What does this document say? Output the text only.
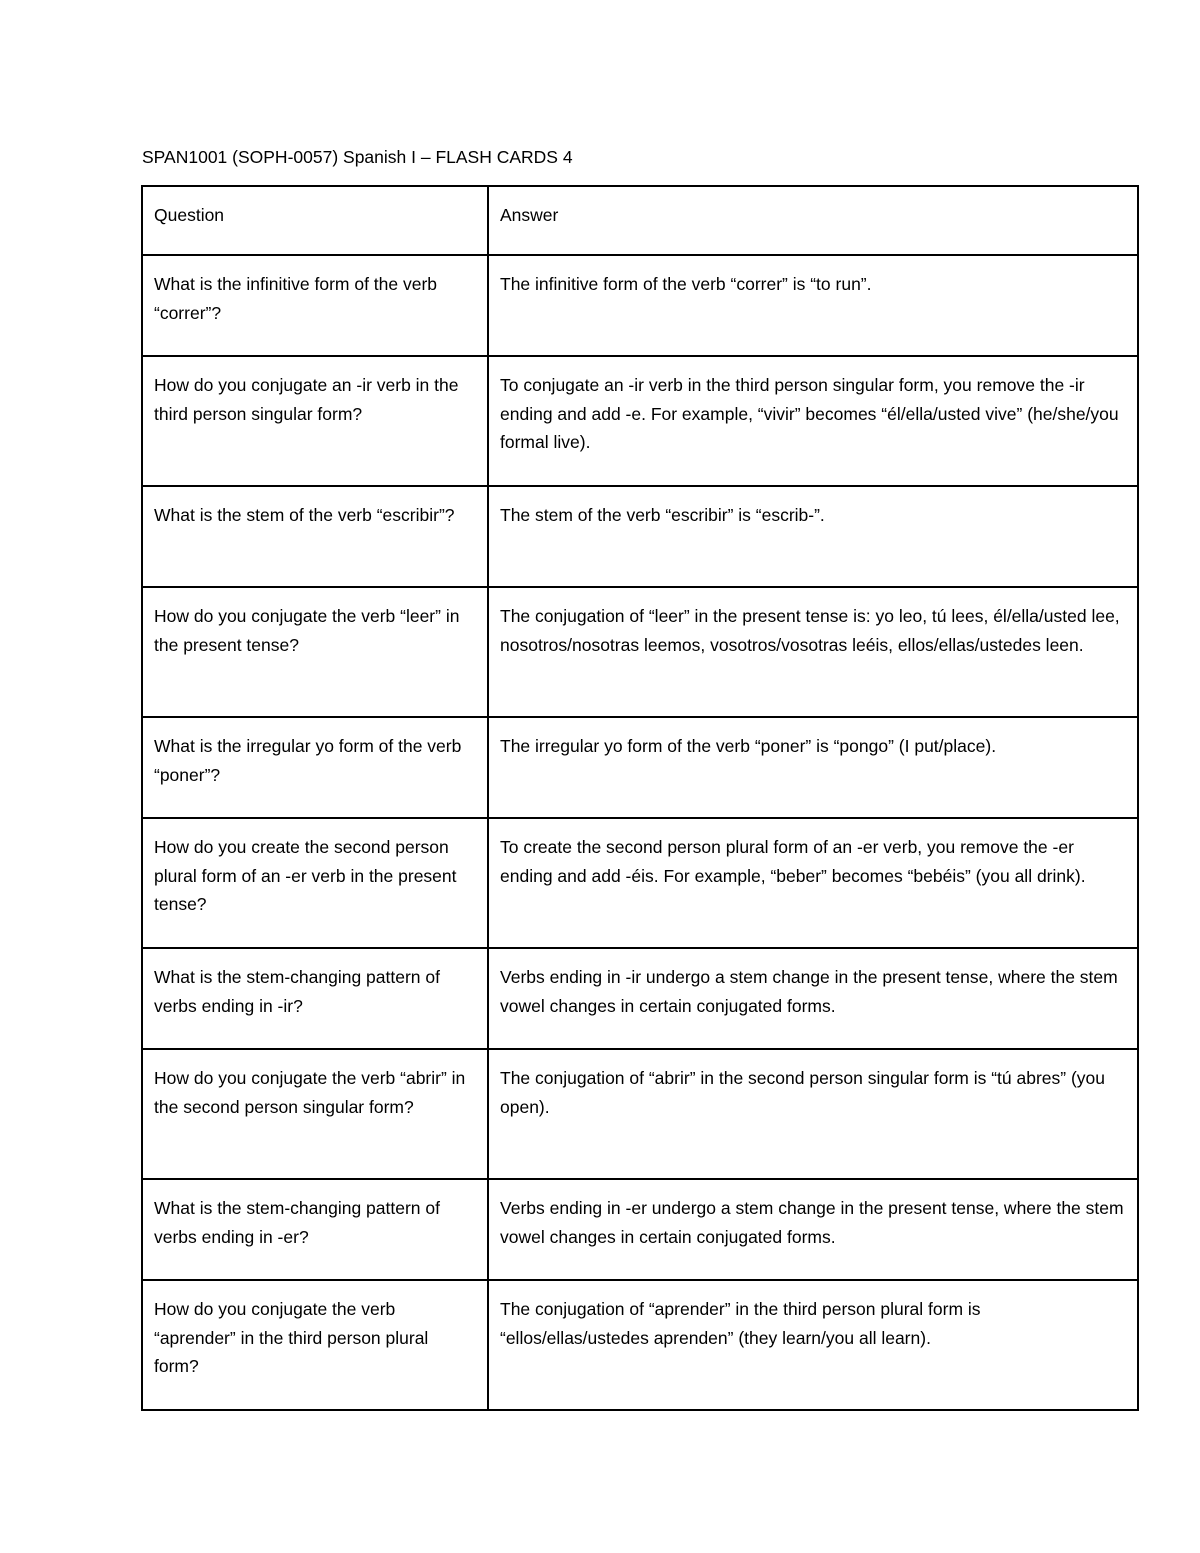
SPAN1001 (SOPH-0057) Spanish I – FLASH CARDS 4
Question	Answer
What is the infinitive form of the verb “correr”?	The infinitive form of the verb “correr” is “to run”.
How do you conjugate an -ir verb in the third person singular form?	To conjugate an -ir verb in the third person singular form, you remove the -ir ending and add -e. For example, “vivir” becomes “él/ella/usted vive” (he/she/you formal live).
What is the stem of the verb “escribir”?	The stem of the verb “escribir” is “escrib-”.
How do you conjugate the verb “leer” in the present tense?	The conjugation of “leer” in the present tense is: yo leo, tú lees, él/ella/usted lee, nosotros/nosotras leemos, vosotros/vosotras leéis, ellos/ellas/ustedes leen.
What is the irregular yo form of the verb “poner”?	The irregular yo form of the verb “poner” is “pongo” (I put/place).
How do you create the second person plural form of an -er verb in the present tense?	To create the second person plural form of an -er verb, you remove the -er ending and add -éis. For example, “beber” becomes “bebéis” (you all drink).
What is the stem-changing pattern of verbs ending in -ir?	Verbs ending in -ir undergo a stem change in the present tense, where the stem vowel changes in certain conjugated forms.
How do you conjugate the verb “abrir” in the second person singular form?	The conjugation of “abrir” in the second person singular form is “tú abres” (you open).
What is the stem-changing pattern of verbs ending in -er?	Verbs ending in -er undergo a stem change in the present tense, where the stem vowel changes in certain conjugated forms.
How do you conjugate the verb “aprender” in the third person plural form?	The conjugation of “aprender” in the third person plural form is “ellos/ellas/ustedes aprenden” (they learn/you all learn).
